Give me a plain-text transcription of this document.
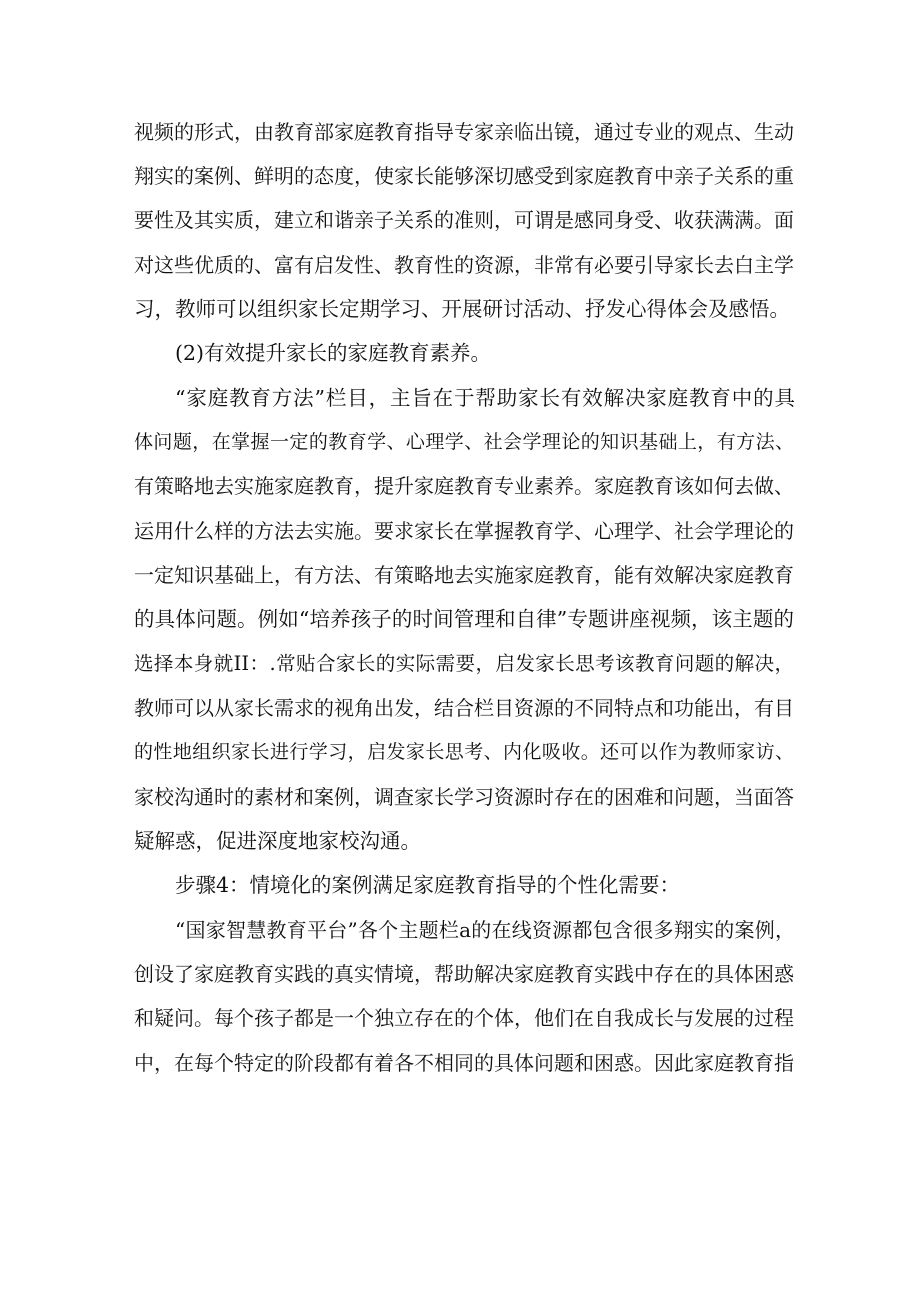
视频的形式，由教育部家庭教育指导专家亲临出镜，通过专业的观点、生动
翔实的案例、鲜明的态度，使家长能够深切感受到家庭教育中亲子关系的重
要性及其实质，建立和谐亲子关系的准则，可谓是感同身受、收获满满。面
对这些优质的、富有启发性、教育性的资源，非常有必要引导家长去白主学
习，教师可以组织家长定期学习、开展研讨活动、抒发心得体会及感悟。
(2)有效提升家长的家庭教育素养。
“家庭教育方法”栏目，主旨在于帮助家长有效解决家庭教育中的具
体问题，在掌握一定的教育学、心理学、社会学理论的知识基础上，有方法、
有策略地去实施家庭教育，提升家庭教育专业素养。家庭教育该如何去做、
运用什么样的方法去实施。要求家长在掌握教育学、心理学、社会学理论的
一定知识基础上，有方法、有策略地去实施家庭教育，能有效解决家庭教育
的具体问题。例如“培养孩子的时间管理和自律”专题讲座视频，该主题的
选择本身就II：.常贴合家长的实际需要，启发家长思考该教育问题的解决，
教师可以从家长需求的视角出发，结合栏目资源的不同特点和功能出，有目
的性地组织家长进行学习，启发家长思考、内化吸收。还可以作为教师家访、
家校沟通时的素材和案例，调查家长学习资源时存在的困难和问题，当面答
疑解惑，促进深度地家校沟通。
步骤4：情境化的案例满足家庭教育指导的个性化需要：
“国家智慧教育平台”各个主题栏a的在线资源都包含很多翔实的案例，
创设了家庭教育实践的真实情境，帮助解决家庭教育实践中存在的具体困惑
和疑问。每个孩子都是一个独立存在的个体，他们在自我成长与发展的过程
中，在每个特定的阶段都有着各不相同的具体问题和困惑。因此家庭教育指
